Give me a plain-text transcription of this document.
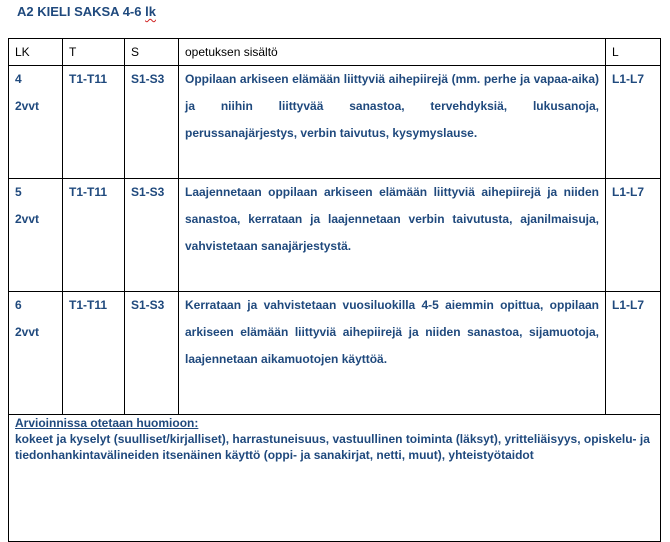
A2 KIELI SAKSA 4-6 lk
LK	T	S	opetuksen sisältö	L
4
2vvt	T1-T11	S1-S3	Oppilaan arkiseen elämään liittyviä aihepiirejä (mm. perhe ja vapaa-aika) ja niihin liittyvää sanastoa, tervehdyksiä, lukusanoja, perussanajärjestys, verbin taivutus, kysymyslause.	L1-L7
5
2vvt	T1-T11	S1-S3	Laajennetaan oppilaan arkiseen elämään liittyviä aihepiirejä ja niiden sanastoa, kerrataan ja laajennetaan verbin taivutusta, ajanilmaisuja, vahvistetaan sanajärjestystä.	L1-L7
6
2vvt	T1-T11	S1-S3	Kerrataan ja vahvistetaan vuosiluokilla 4-5 aiemmin opittua, oppilaan arkiseen elämään liittyviä aihepiirejä ja niiden sanastoa, sijamuotoja, laajennetaan aikamuotojen käyttöä.	L1-L7

Arvioinnissa otetaan huomioon:
kokeet ja kyselyt (suulliset/kirjalliset), harrastuneisuus, vastuullinen toiminta (läksyt), yritteliäisyys, opiskelu- ja tiedonhankintavälineiden itsenäinen käyttö (oppi- ja sanakirjat, netti, muut), yhteistyötaidot				
